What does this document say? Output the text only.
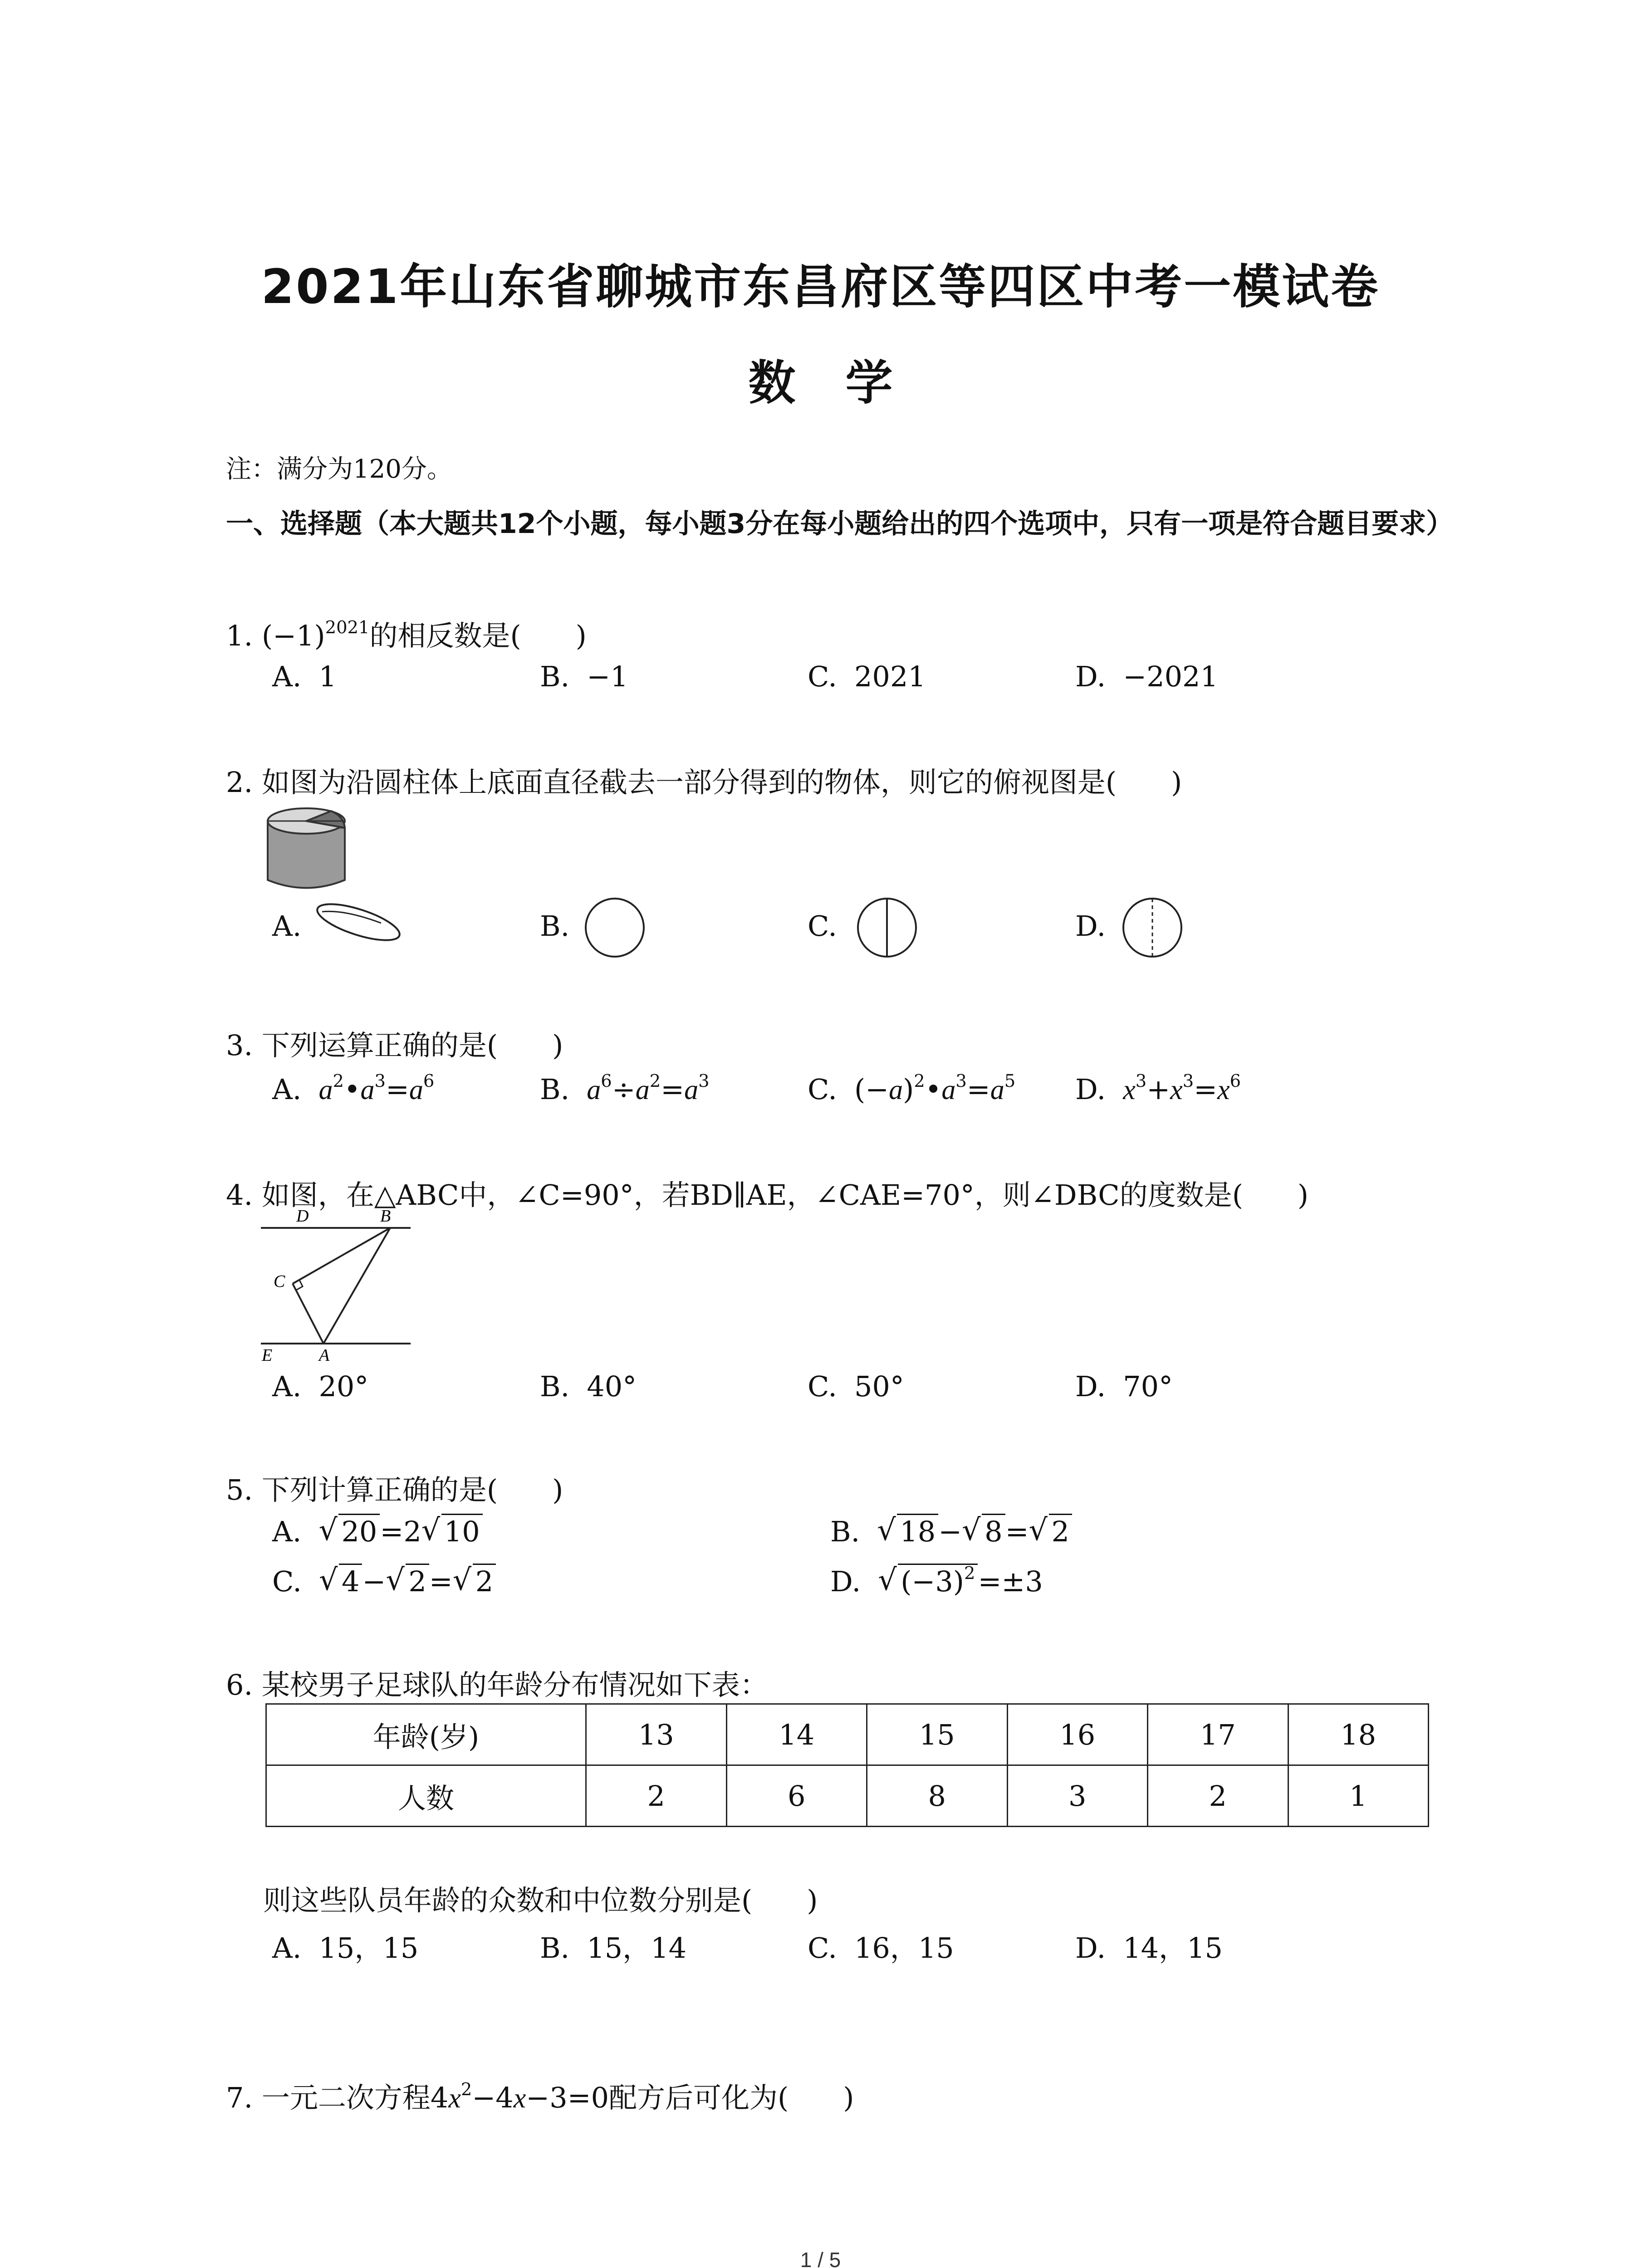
2021年山东省聊城市东昌府区等四区中考一模试卷
数学
注：满分为120分。
一、选择题（本大题共12个小题，每小题3分在每小题给出的四个选项中，只有一项是符合题目要求）
1. $(-1)^{2021}$的相反数是( )
A. 1	B. −1	C. 2021	D. −2021
2. 如图为沿圆柱体上底面直径截去一部分得到的物体，则它的俯视图是( )
A.	B.	C.	D.
3. 下列运算正确的是( )
A. $a^2•a^3=a^6$	B. $a^6\div a^2=a^3$	C. $(-a)^2•a^3=a^5$ D. $x^3+x^3=x^6$
4. 如图，在△ABC中，∠C=90°，若BD∥AE，∠CAE=70°，则∠DBC的度数是( )
D	B
C
E	A
A. 20°	B. 40°	C. 50°	D. 70°
5. 下列计算正确的是( )
A. √ 20=2 √ 10	B. √ 18− √ 8= √ 2
C. √ 4− √ 2= √ 2	D. √ $(-3)^2=\pm 3$
6. 某校男子足球队的年龄分布情况如下表：
年龄(岁)	13	14	15	16	17	18
人数	2	6	8	3	2	1
则这些队员年龄的众数和中位数分别是( )
A. 15，15	B. 15，14	C. 16，15	D. 14，15
7. 一元二次方程$4x^2-4x-3=0$配方后可化为( )
1 / 5
